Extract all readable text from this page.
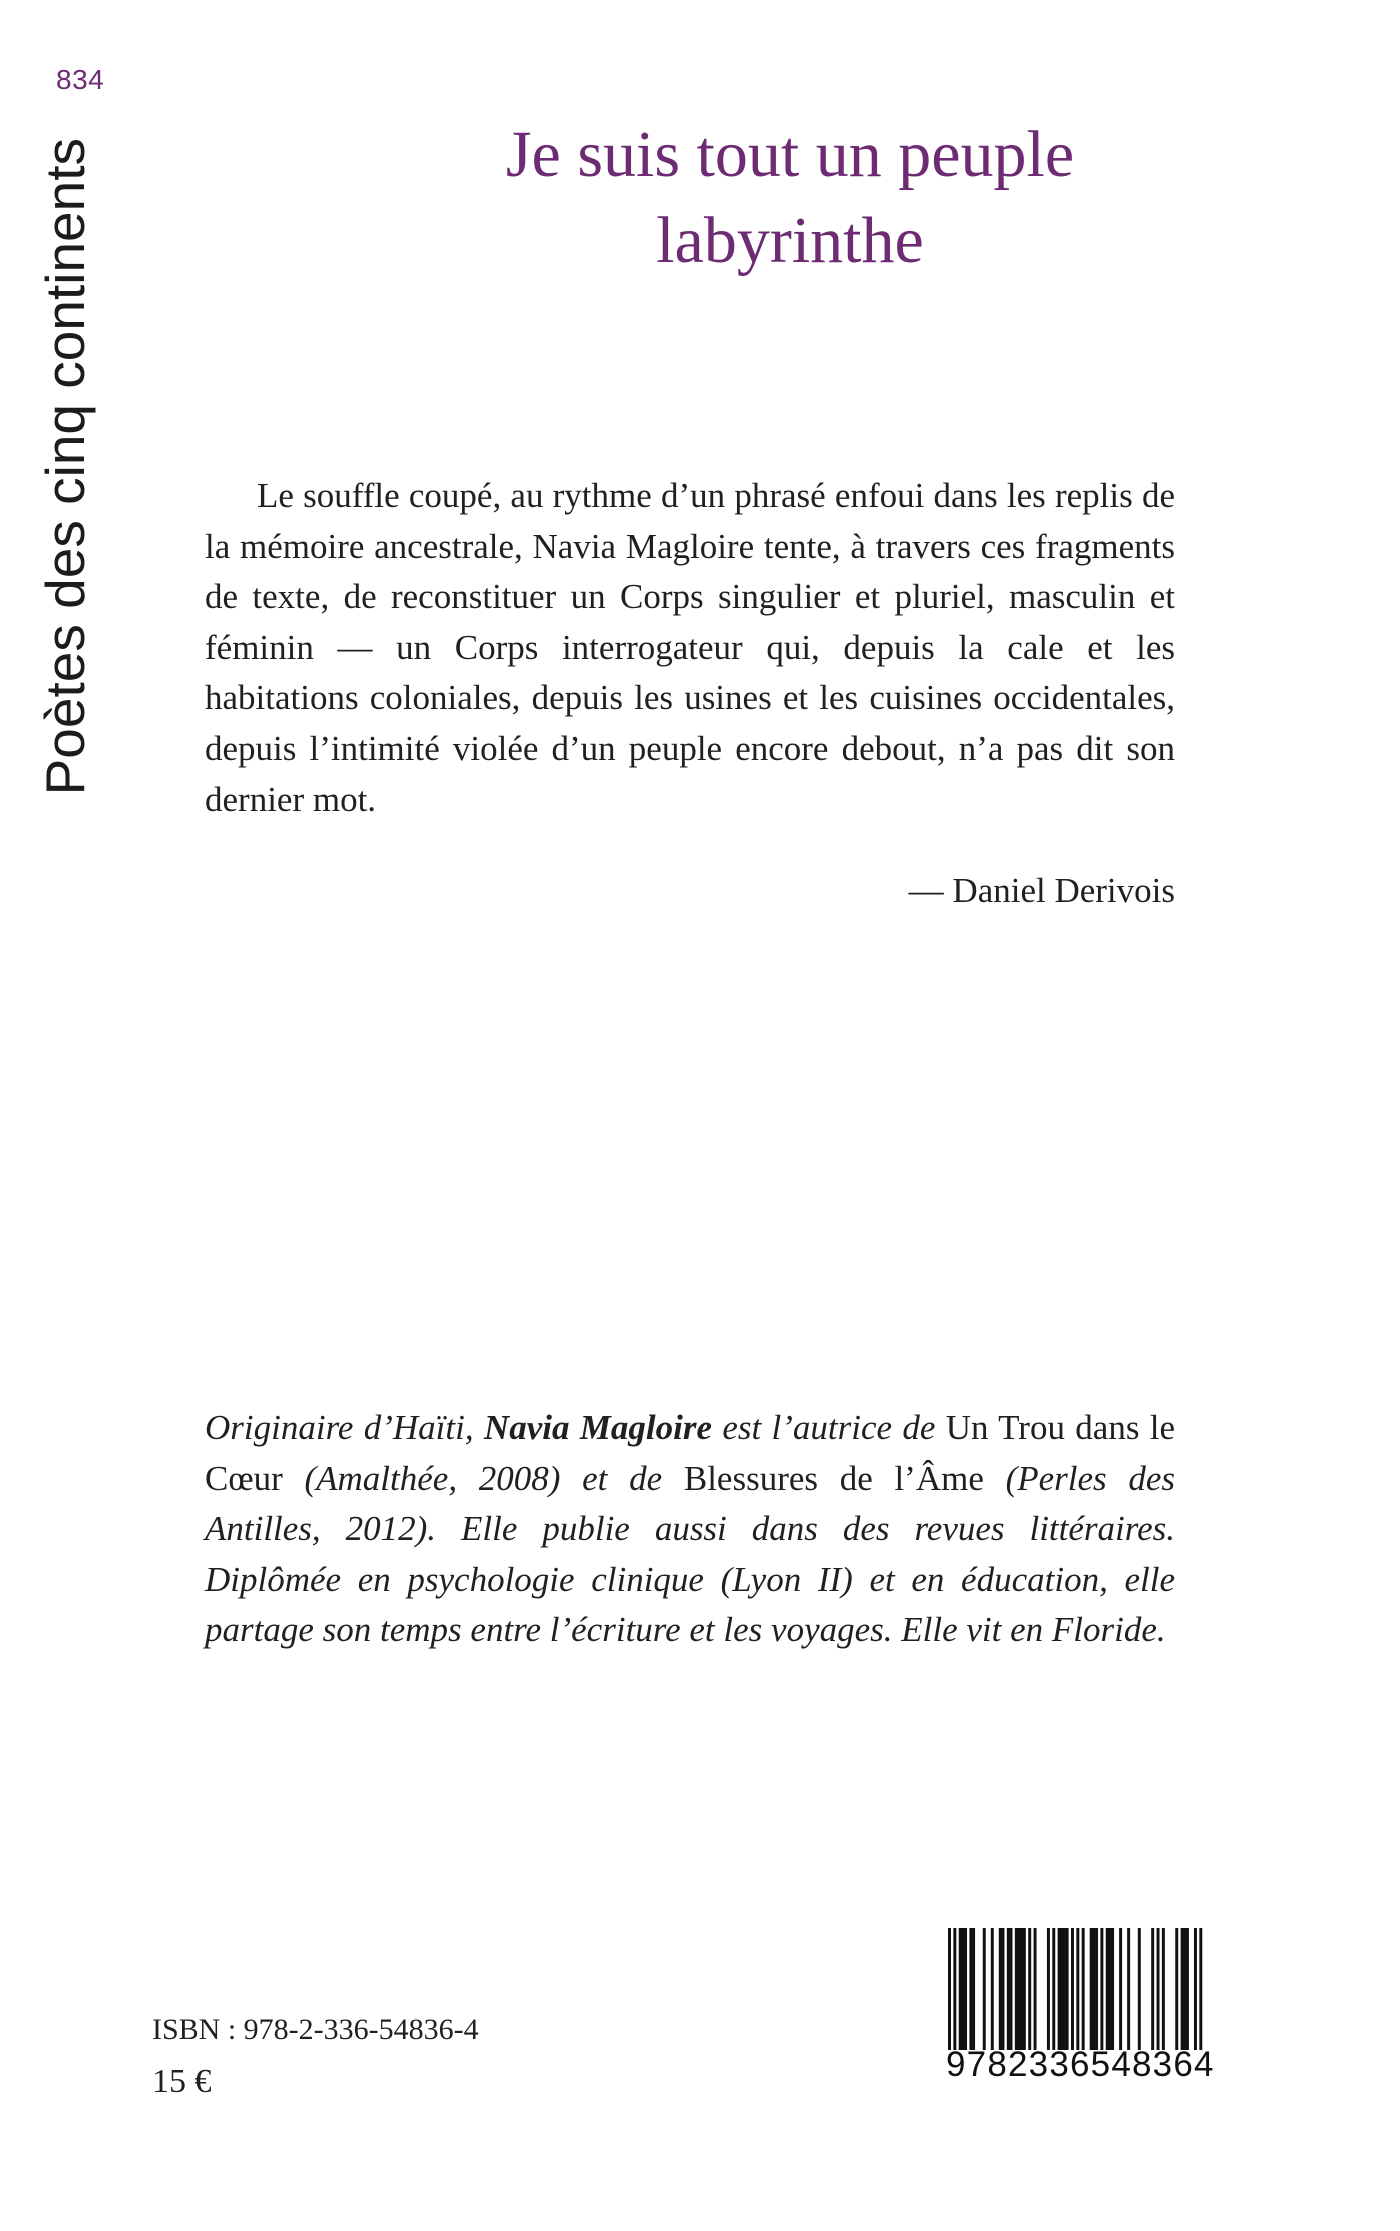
834
Poètes des cinq continents	Je suis tout un peuple
labyrinthe

Le souffle coupé, au rythme d’un phrasé enfoui dans les replis de la mémoire ancestrale, Navia Magloire tente, à travers ces fragments de texte, de reconstituer un Corps singulier et pluriel, masculin et féminin — un Corps interrogateur qui, depuis la cale et les habitations coloniales, depuis les usines et les cuisines occidentales, depuis l’intimité violée d’un peuple encore debout, n’a pas dit son dernier mot.

— Daniel Derivois

Originaire d’Haïti, Navia Magloire est l’autrice de Un Trou dans le Cœur (Amalthée, 2008) et de Blessures de l’Âme (Perles des Antilles, 2012). Elle publie aussi dans des revues littéraires. Diplômée en psychologie clinique (Lyon II) et en éducation, elle partage son temps entre l’écriture et les voyages. Elle vit en Floride.

ISBN : 978-2-336-54836-4
15 €	9782336548364
